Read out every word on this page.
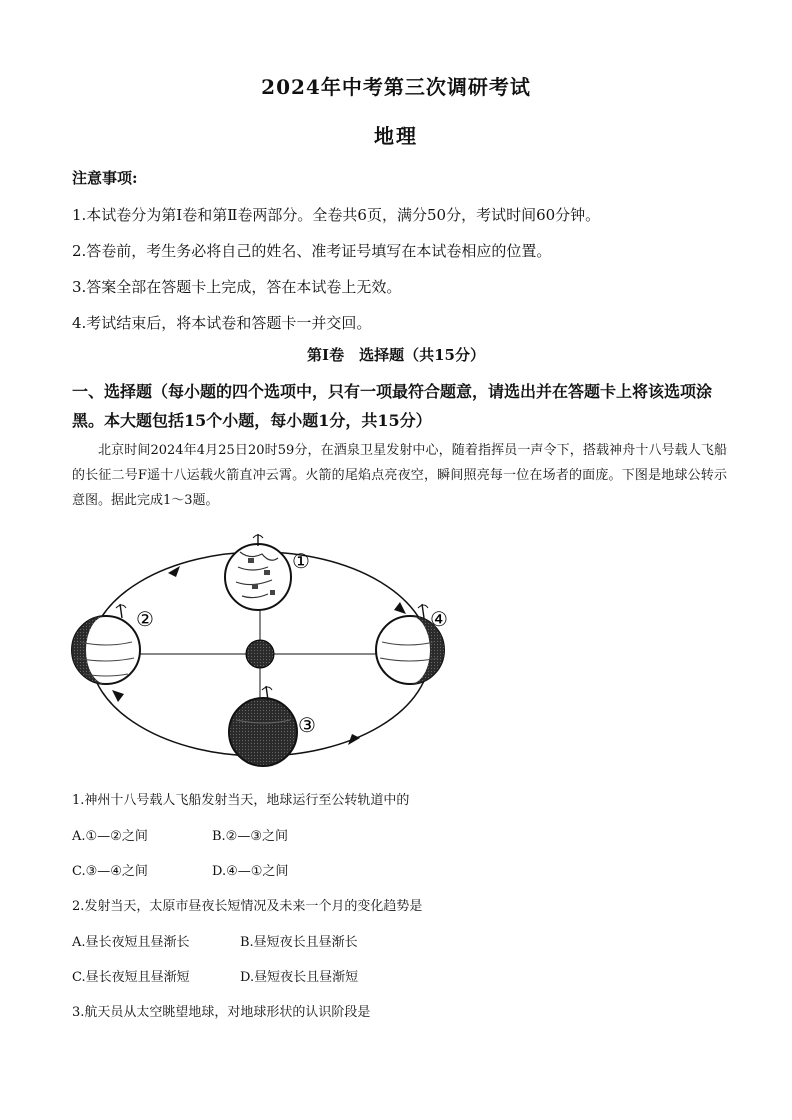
2024年中考第三次调研考试
地理
注意事项:
1.本试卷分为第Ⅰ卷和第Ⅱ卷两部分。全卷共6页，满分50分，考试时间60分钟。
2.答卷前，考生务必将自己的姓名、准考证号填写在本试卷相应的位置。
3.答案全部在答题卡上完成，答在本试卷上无效。
4.考试结束后，将本试卷和答题卡一并交回。
第Ⅰ卷　选择题（共15分）
一、选择题（每小题的四个选项中，只有一项最符合题意，请选出并在答题卡上将该选项涂黑。本大题包括15个小题，每小题1分，共15分）

北京时间2024年4月25日20时59分，在酒泉卫星发射中心，随着指挥员一声令下，搭载神舟十八号载人飞船的长征二号F遥十八运载火箭直冲云霄。火箭的尾焰点亮夜空，瞬间照亮每一位在场者的面庞。下图是地球公转示意图。据此完成1～3题。

①
②
③
④
1.神州十八号载人飞船发射当天，地球运行至公转轨道中的
A.①—②之间	B.②—③之间
C.③—④之间	D.④—①之间
2.发射当天，太原市昼夜长短情况及未来一个月的变化趋势是
A.昼长夜短且昼渐长	B.昼短夜长且昼渐长
C.昼长夜短且昼渐短	D.昼短夜长且昼渐短
3.航天员从太空眺望地球，对地球形状的认识阶段是
